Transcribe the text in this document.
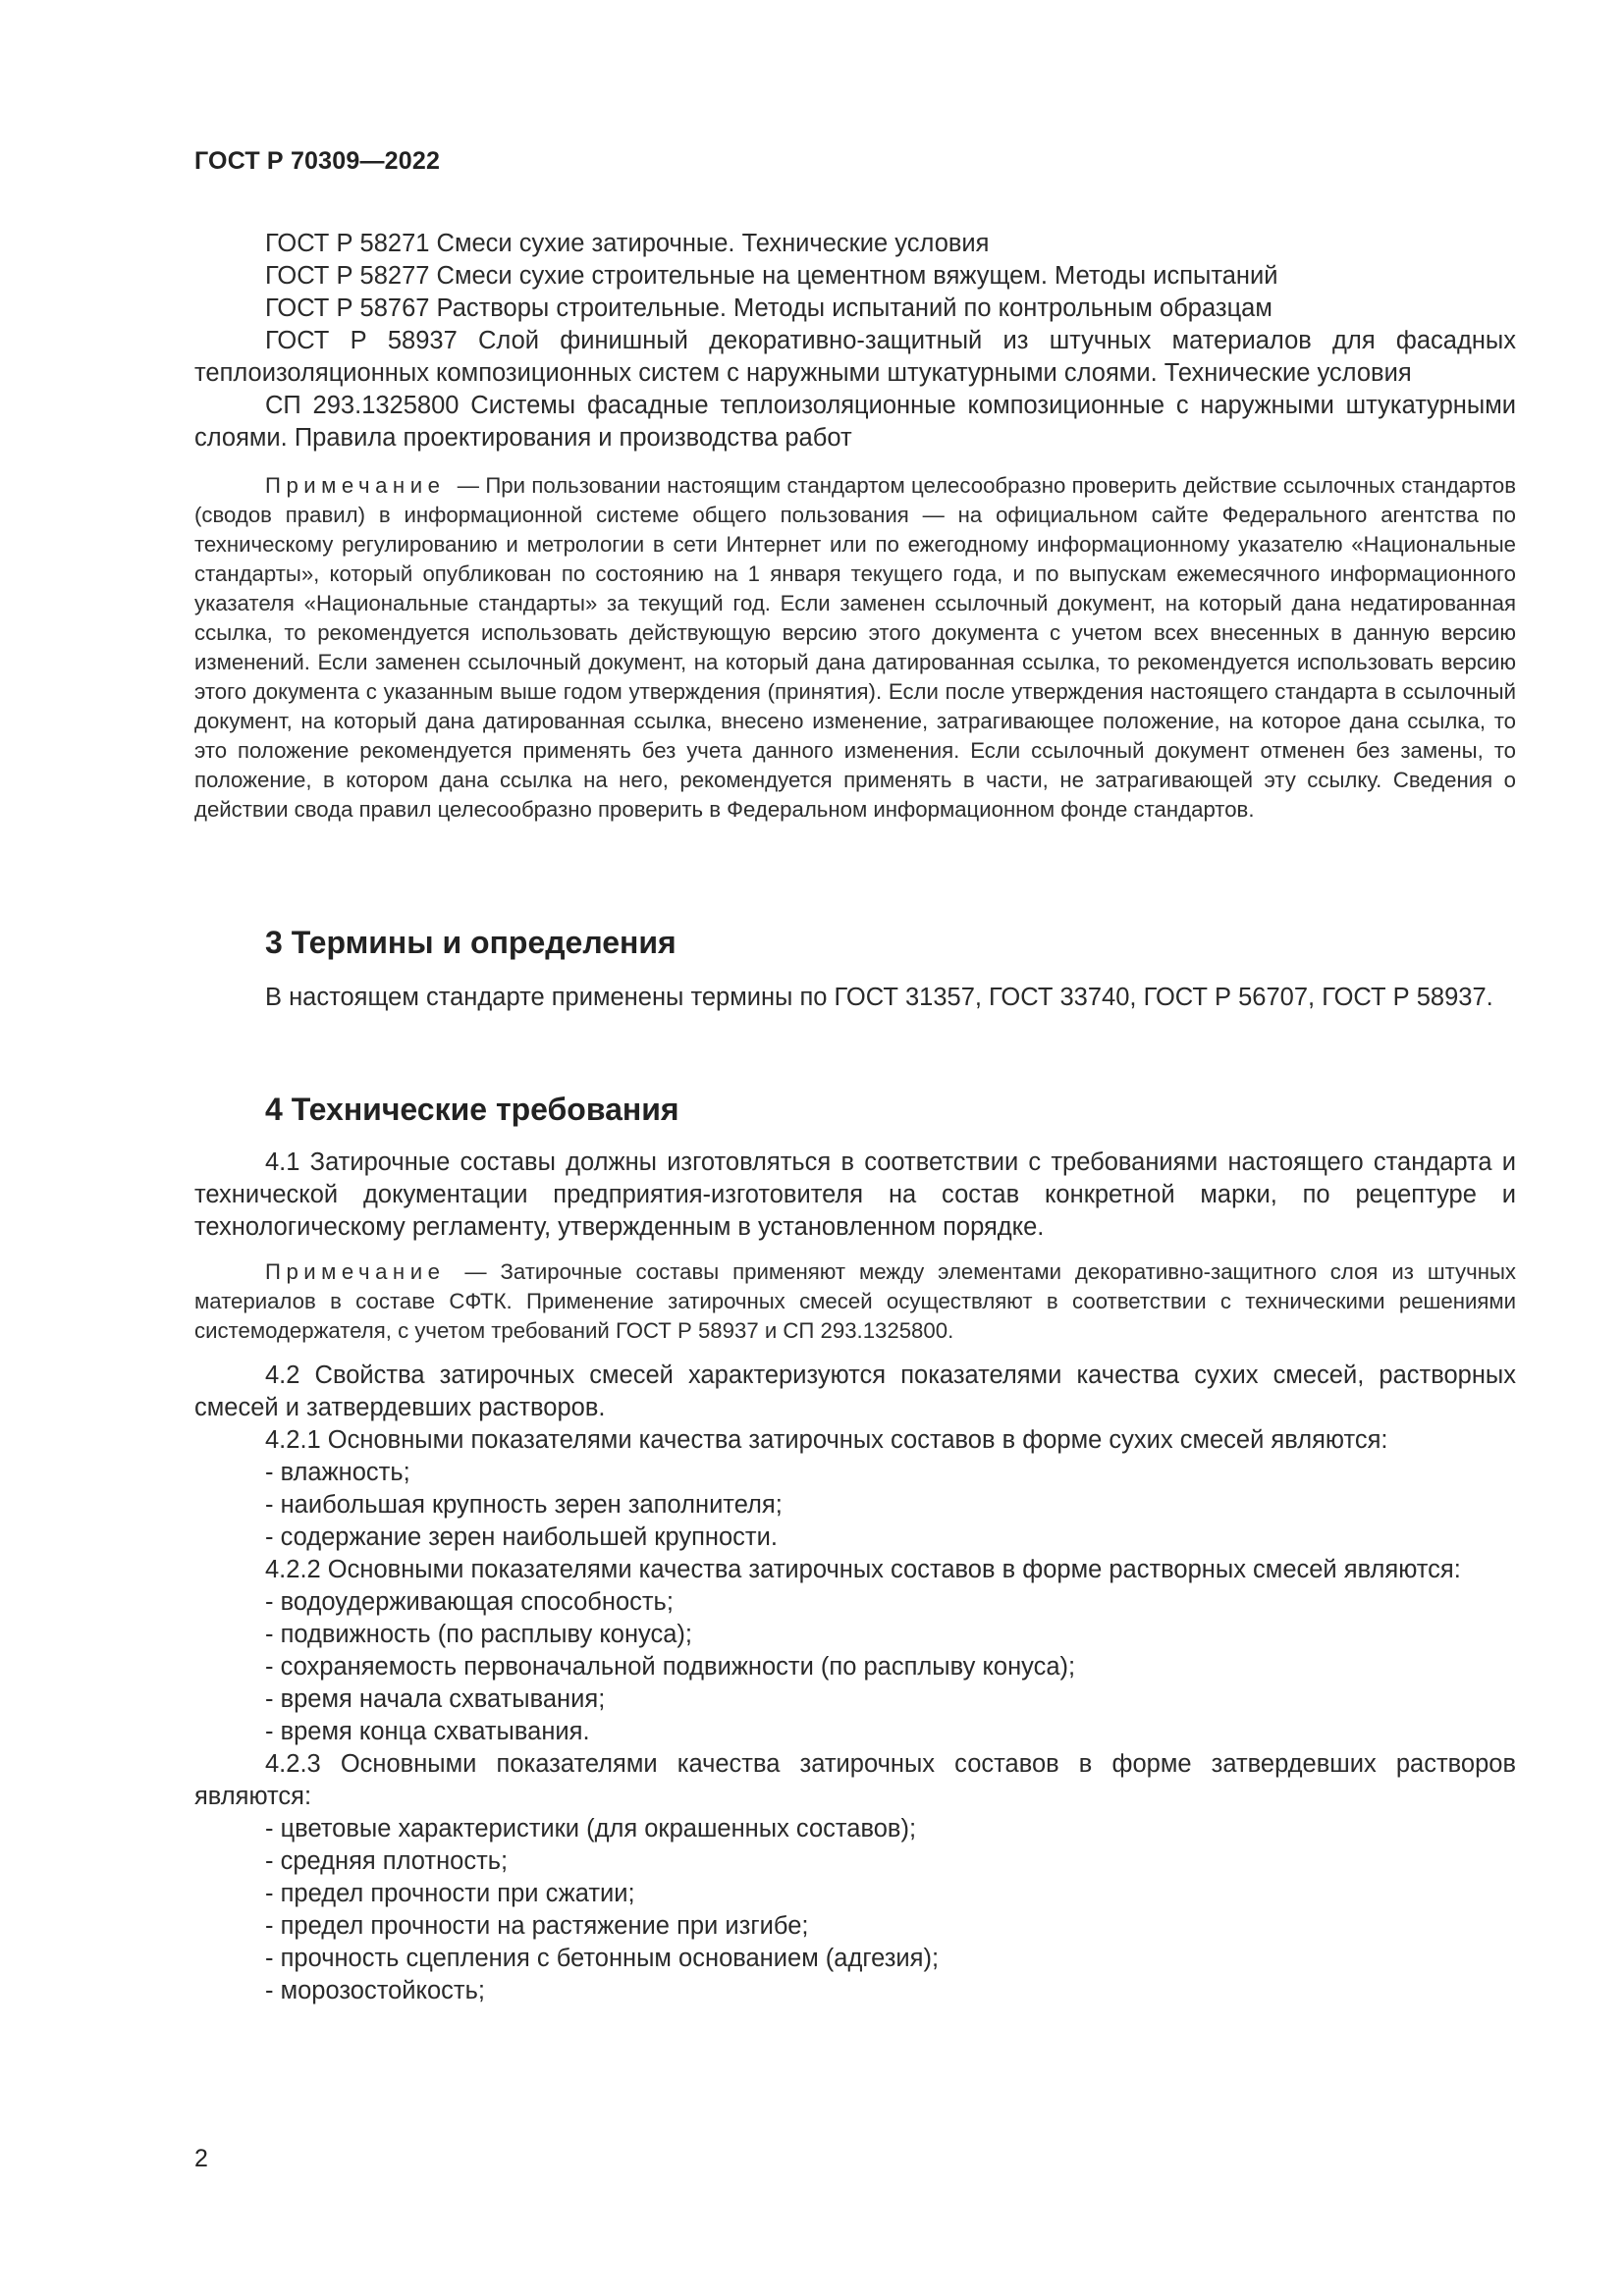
ГОСТ Р 70309—2022

ГОСТ Р 58271 Смеси сухие затирочные. Технические условия

ГОСТ Р 58277 Смеси сухие строительные на цементном вяжущем. Методы испытаний

ГОСТ Р 58767 Растворы строительные. Методы испытаний по контрольным образцам

ГОСТ Р 58937 Слой финишный декоративно-защитный из штучных материалов для фасадных теплоизоляционных композиционных систем с наружными штукатурными слоями. Технические условия

СП 293.1325800 Системы фасадные теплоизоляционные композиционные с наружными штукатурными слоями. Правила проектирования и производства работ

Примечание — При пользовании настоящим стандартом целесообразно проверить действие ссылочных стандартов (сводов правил) в информационной системе общего пользования — на официальном сайте Федерального агентства по техническому регулированию и метрологии в сети Интернет или по ежегодному информационному указателю «Национальные стандарты», который опубликован по состоянию на 1 января текущего года, и по выпускам ежемесячного информационного указателя «Национальные стандарты» за текущий год. Если заменен ссылочный документ, на который дана недатированная ссылка, то рекомендуется использовать действующую версию этого документа с учетом всех внесенных в данную версию изменений. Если заменен ссылочный документ, на который дана датированная ссылка, то рекомендуется использовать версию этого документа с указанным выше годом утверждения (принятия). Если после утверждения настоящего стандарта в ссылочный документ, на который дана датированная ссылка, внесено изменение, затрагивающее положение, на которое дана ссылка, то это положение рекомендуется применять без учета данного изменения. Если ссылочный документ отменен без замены, то положение, в котором дана ссылка на него, рекомендуется применять в части, не затрагивающей эту ссылку. Сведения о действии свода правил целесообразно проверить в Федеральном информационном фонде стандартов.

3 Термины и определения

В настоящем стандарте применены термины по ГОСТ 31357, ГОСТ 33740, ГОСТ Р 56707, ГОСТ Р 58937.

4 Технические требования

4.1 Затирочные составы должны изготовляться в соответствии с требованиями настоящего стандарта и технической документации предприятия-изготовителя на состав конкретной марки, по рецептуре и технологическому регламенту, утвержденным в установленном порядке.

Примечание — Затирочные составы применяют между элементами декоративно-защитного слоя из штучных материалов в составе СФТК. Применение затирочных смесей осуществляют в соответствии с техническими решениями системодержателя, с учетом требований ГОСТ Р 58937 и СП 293.1325800.

4.2 Свойства затирочных смесей характеризуются показателями качества сухих смесей, растворных смесей и затвердевших растворов.

4.2.1 Основными показателями качества затирочных составов в форме сухих смесей являются:

- влажность;

- наибольшая крупность зерен заполнителя;

- содержание зерен наибольшей крупности.

4.2.2 Основными показателями качества затирочных составов в форме растворных смесей являются:

- водоудерживающая способность;

- подвижность (по расплыву конуса);

- сохраняемость первоначальной подвижности (по расплыву конуса);

- время начала схватывания;

- время конца схватывания.

4.2.3 Основными показателями качества затирочных составов в форме затвердевших растворов являются:

- цветовые характеристики (для окрашенных составов);

- средняя плотность;

- предел прочности при сжатии;

- предел прочности на растяжение при изгибе;

- прочность сцепления с бетонным основанием (адгезия);

- морозостойкость;

2
